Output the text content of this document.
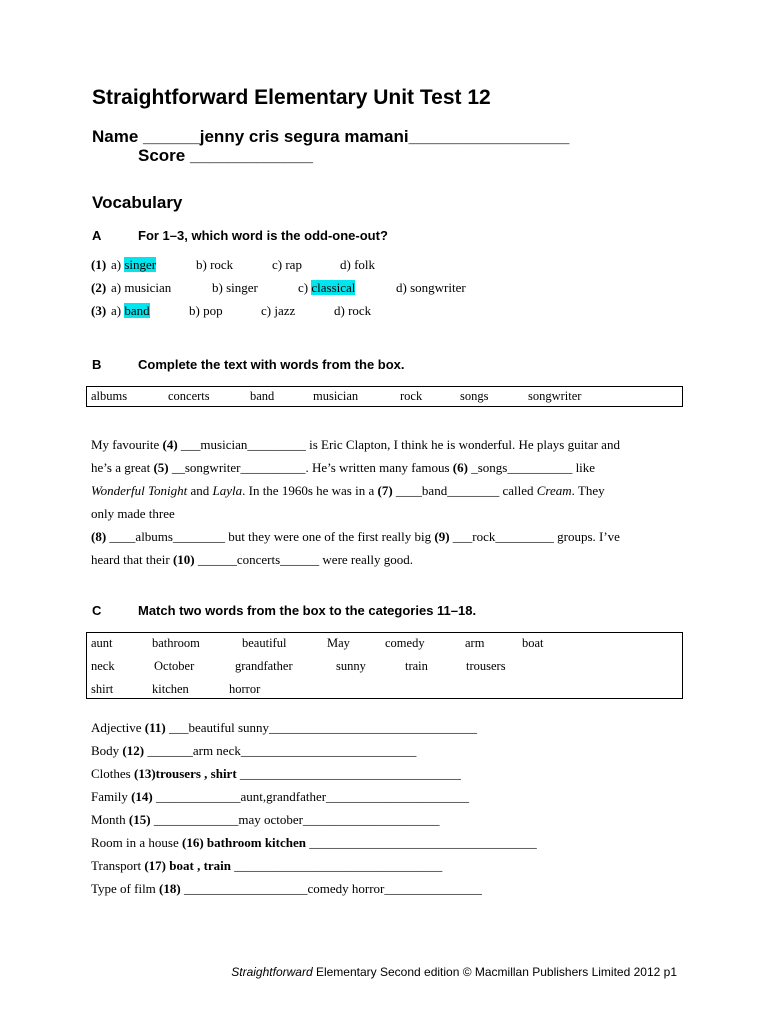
Straightforward Elementary Unit Test 12
Name ______jenny cris segura mamani_________________
Score _____________
Vocabulary
A	For 1–3, which word is the odd-one-out?
(1) a) singer	b) rock	c) rap	d) folk
(2) a) musician	b) singer	c) classical	d) songwriter
(3) a) band	b) pop	c) jazz	d) rock
B	Complete the text with words from the box.
albums	concerts	band	musician	rock	songs	songwriter
My favourite (4) ___musician_________ is Eric Clapton, I think he is wonderful. He plays guitar and
he’s a great (5) __songwriter__________. He’s written many famous (6) _songs__________ like
Wonderful Tonight and Layla. In the 1960s he was in a (7) ____band________ called Cream. They
only made three
(8) ____albums________ but they were one of the first really big (9) ___rock_________ groups. I’ve
heard that their (10) ______concerts______ were really good.
C	Match two words from the box to the categories 11–18.
aunt	bathroom	beautiful	May	comedy	arm	boat
neck	October	grandfather	sunny	train	trousers
shirt	kitchen	horror
Adjective (11) ___beautiful sunny________________________________
Body (12) _______arm neck___________________________
Clothes (13)trousers , shirt __________________________________
Family (14) _____________aunt,grandfather______________________
Month (15) _____________may october_____________________
Room in a house (16) bathroom kitchen ___________________________________
Transport (17) boat , train ________________________________
Type of film (18) ___________________comedy horror_______________
Straightforward Elementary Second edition © Macmillan Publishers Limited 2012 p1
